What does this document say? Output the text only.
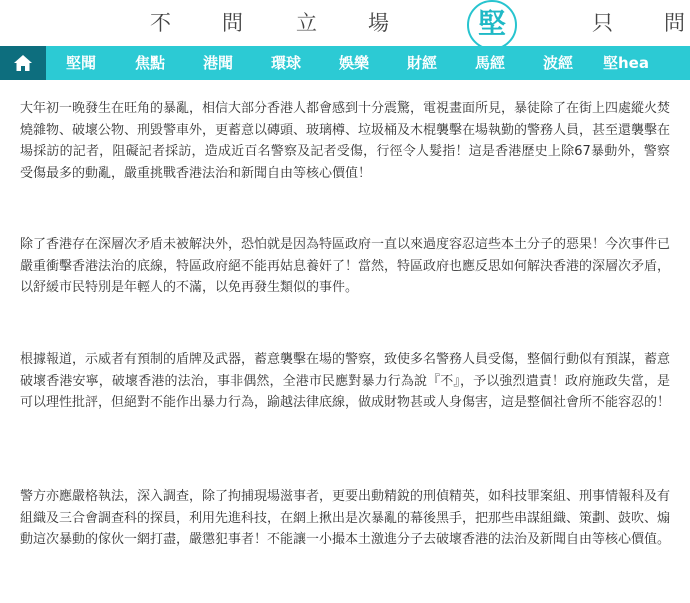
不 問	立 場	堅	只 問
堅聞	焦點	港聞	環球	娛樂	財經	馬經	波經	堅hea

大年初一晚發生在旺角的暴亂，相信大部分香港人都會感到十分震驚，電視畫面所見，暴徒除了在街上四處縱火焚燒雜物、破壞公物、刑毀警車外，更蓄意以磚頭、玻璃樽、垃圾桶及木棍襲擊在場執勤的警務人員，甚至還襲擊在場採訪的記者，阻礙記者採訪，造成近百名警察及記者受傷，行徑令人髮指！這是香港歷史上除67暴動外，警察受傷最多的動亂，嚴重挑戰香港法治和新聞自由等核心價值！

除了香港存在深層次矛盾未被解決外，恐怕就是因為特區政府一直以來過度容忍這些本土分子的惡果！今次事件已嚴重衝擊香港法治的底線，特區政府絕不能再姑息養奸了！當然，特區政府也應反思如何解決香港的深層次矛盾，以舒緩市民特別是年輕人的不滿，以免再發生類似的事件。

根據報道，示威者有預制的盾牌及武器，蓄意襲擊在場的警察，致使多名警務人員受傷，整個行動似有預謀，蓄意破壞香港安寧，破壞香港的法治，事非偶然，全港市民應對暴力行為說『不』，予以強烈遣責！政府施政失當，是可以理性批評，但絕對不能作出暴力行為，踰越法律底線，做成財物甚或人身傷害，這是整個社會所不能容忍的！

警方亦應嚴格執法，深入調查，除了拘捕現場滋事者，更要出動精銳的刑偵精英，如科技罪案組、刑事情報科及有組織及三合會調查科的探員，利用先進科技，在網上揪出是次暴亂的幕後黑手，把那些串謀組織、策劃、鼓吹、煽動這次暴動的傢伙一網打盡，嚴懲犯事者！不能讓一小撮本土激進分子去破壞香港的法治及新聞自由等核心價值。
